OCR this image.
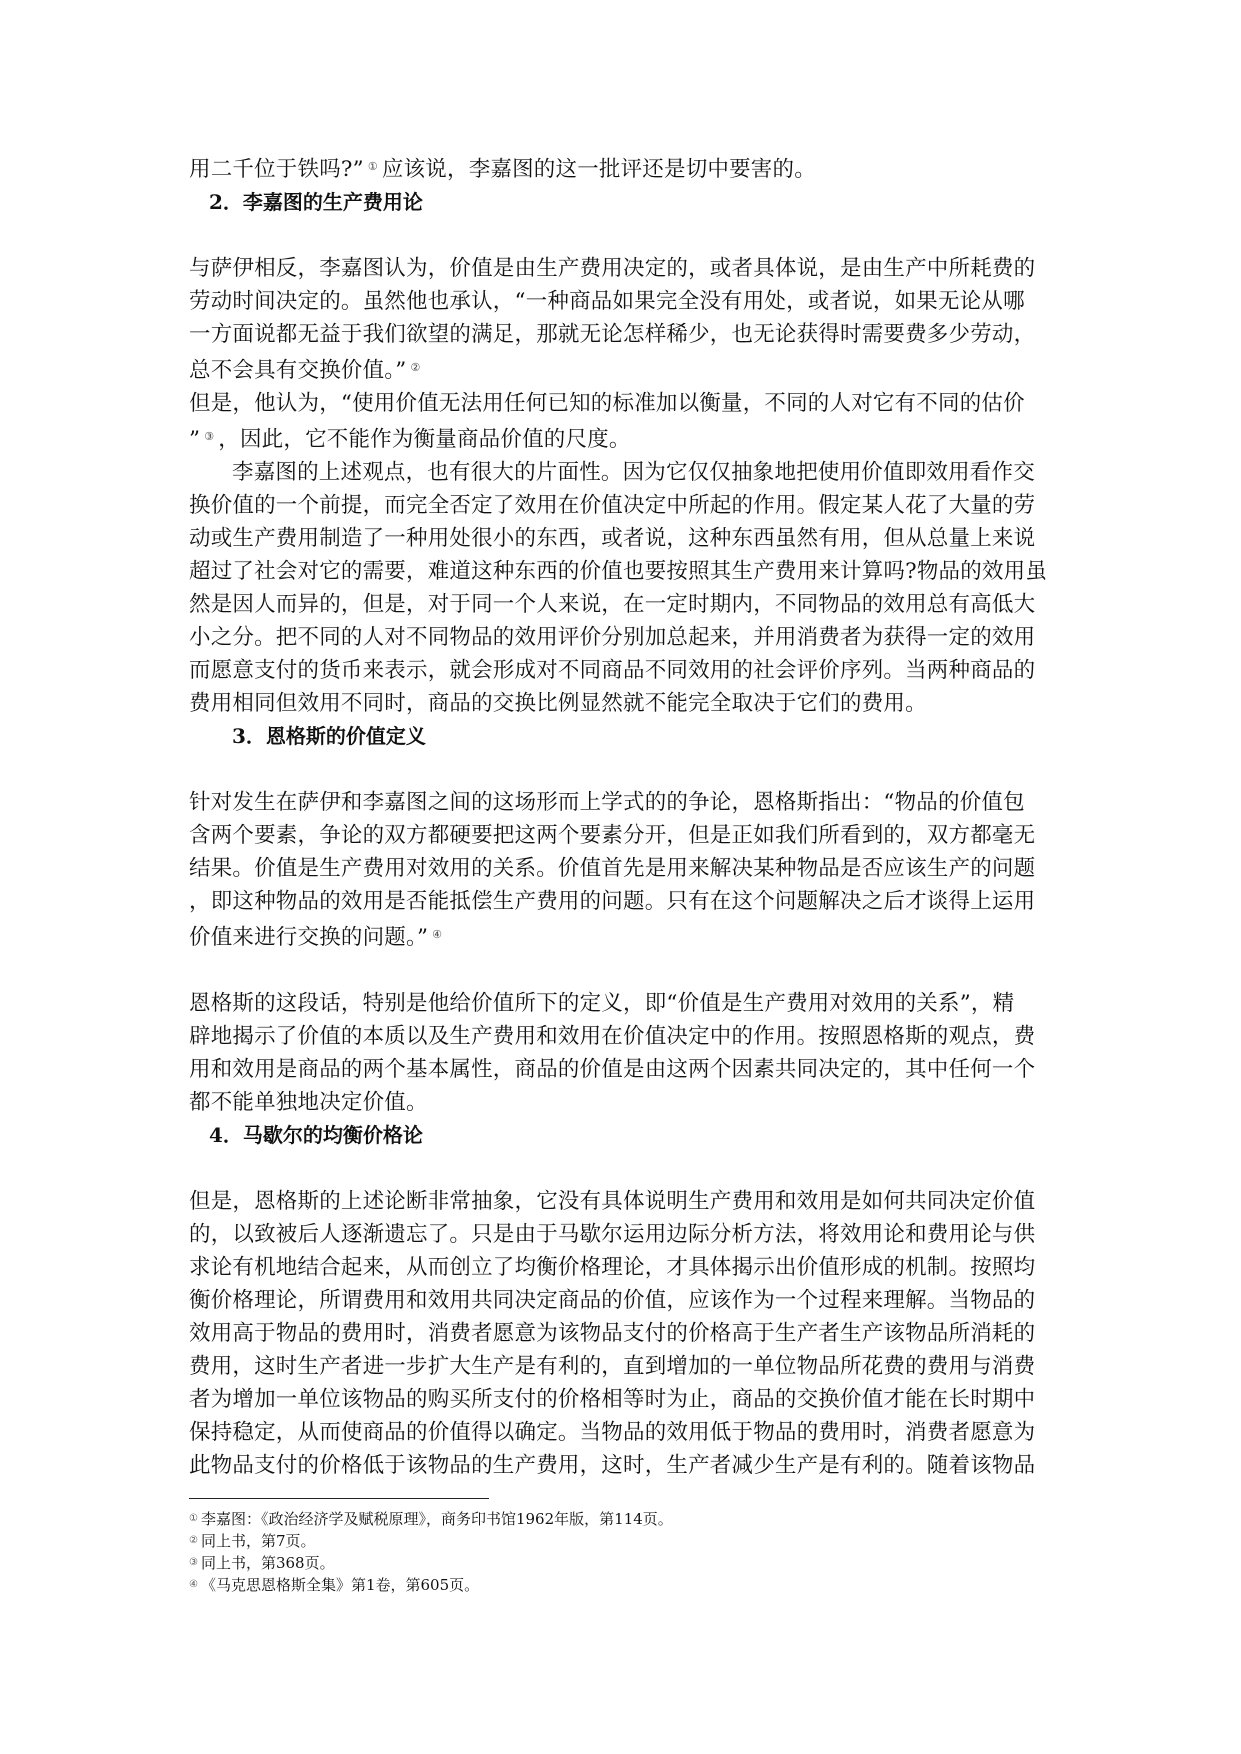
用二千位于铁吗?” ① 应该说，李嘉图的这一批评还是切中要害的。
2．李嘉图的生产费用论
与萨伊相反，李嘉图认为，价值是由生产费用决定的，或者具体说，是由生产中所耗费的
劳动时间决定的。虽然他也承认，“一种商品如果完全没有用处，或者说，如果无论从哪
一方面说都无益于我们欲望的满足，那就无论怎样稀少，也无论获得时需要费多少劳动，
总不会具有交换价值。” ②
但是，他认为，“使用价值无法用任何已知的标准加以衡量，不同的人对它有不同的估价
” ③ ，因此，它不能作为衡量商品价值的尺度。
李嘉图的上述观点，也有很大的片面性。因为它仅仅抽象地把使用价值即效用看作交
换价值的一个前提，而完全否定了效用在价值决定中所起的作用。假定某人花了大量的劳
动或生产费用制造了一种用处很小的东西，或者说，这种东西虽然有用，但从总量上来说
超过了社会对它的需要，难道这种东西的价值也要按照其生产费用来计算吗?物品的效用虽
然是因人而异的，但是，对于同一个人来说，在一定时期内，不同物品的效用总有高低大
小之分。把不同的人对不同物品的效用评价分别加总起来，并用消费者为获得一定的效用
而愿意支付的货币来表示，就会形成对不同商品不同效用的社会评价序列。当两种商品的
费用相同但效用不同时，商品的交换比例显然就不能完全取决于它们的费用。
3．恩格斯的价值定义
针对发生在萨伊和李嘉图之间的这场形而上学式的的争论，恩格斯指出：“物品的价值包
含两个要素，争论的双方都硬要把这两个要素分开，但是正如我们所看到的，双方都毫无
结果。价值是生产费用对效用的关系。价值首先是用来解决某种物品是否应该生产的问题
，即这种物品的效用是否能抵偿生产费用的问题。只有在这个问题解决之后才谈得上运用
价值来进行交换的问题。” ④
恩格斯的这段话，特别是他给价值所下的定义，即“价值是生产费用对效用的关系”，精
辟地揭示了价值的本质以及生产费用和效用在价值决定中的作用。按照恩格斯的观点，费
用和效用是商品的两个基本属性，商品的价值是由这两个因素共同决定的，其中任何一个
都不能单独地决定价值。
4．马歇尔的均衡价格论
但是，恩格斯的上述论断非常抽象，它没有具体说明生产费用和效用是如何共同决定价值
的，以致被后人逐渐遗忘了。只是由于马歇尔运用边际分析方法，将效用论和费用论与供
求论有机地结合起来，从而创立了均衡价格理论，才具体揭示出价值形成的机制。按照均
衡价格理论，所谓费用和效用共同决定商品的价值，应该作为一个过程来理解。当物品的
效用高于物品的费用时，消费者愿意为该物品支付的价格高于生产者生产该物品所消耗的
费用，这时生产者进一步扩大生产是有利的，直到增加的一单位物品所花费的费用与消费
者为增加一单位该物品的购买所支付的价格相等时为止，商品的交换价值才能在长时期中
保持稳定，从而使商品的价值得以确定。当物品的效用低于物品的费用时，消费者愿意为
此物品支付的价格低于该物品的生产费用，这时，生产者减少生产是有利的。随着该物品
① 李嘉图：《政治经济学及赋税原理》，商务印书馆1962年版，第114页。
② 同上书，第7页。
③ 同上书，第368页。
④ 《马克思恩格斯全集》第1卷，第605页。
